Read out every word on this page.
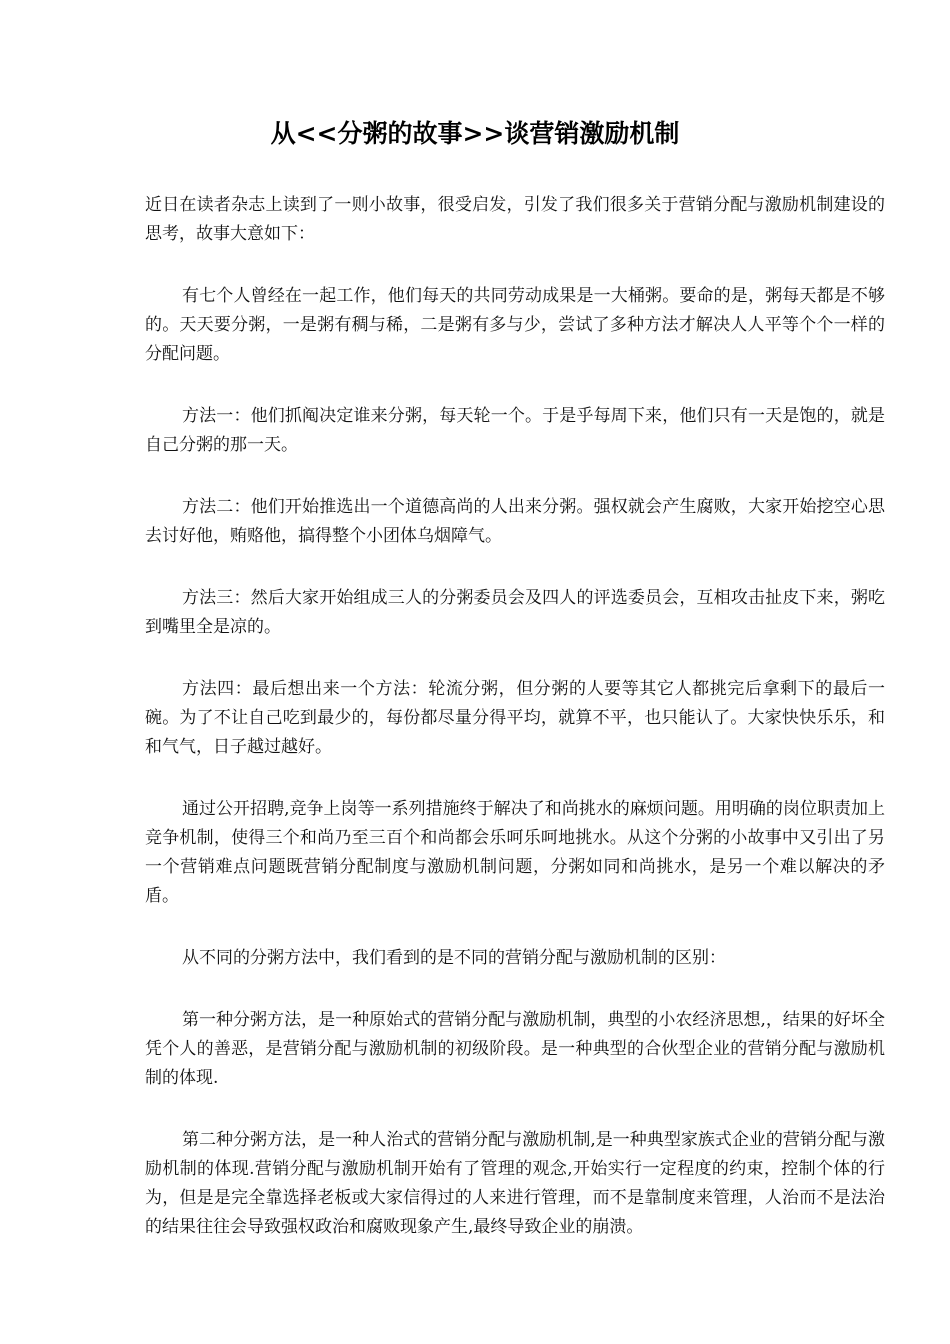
从<<分粥的故事>>谈营销激励机制

近日在读者杂志上读到了一则小故事，很受启发，引发了我们很多关于营销分配与激励机制建设的思考，故事大意如下：

有七个人曾经在一起工作，他们每天的共同劳动成果是一大桶粥。要命的是，粥每天都是不够的。天天要分粥，一是粥有稠与稀，二是粥有多与少，尝试了多种方法才解决人人平等个个一样的分配问题。

方法一：他们抓阄决定谁来分粥，每天轮一个。于是乎每周下来，他们只有一天是饱的，就是自己分粥的那一天。

方法二：他们开始推选出一个道德高尚的人出来分粥。强权就会产生腐败，大家开始挖空心思去讨好他，贿赂他，搞得整个小团体乌烟障气。

方法三：然后大家开始组成三人的分粥委员会及四人的评选委员会，互相攻击扯皮下来，粥吃到嘴里全是凉的。

方法四：最后想出来一个方法：轮流分粥，但分粥的人要等其它人都挑完后拿剩下的最后一碗。为了不让自己吃到最少的，每份都尽量分得平均，就算不平，也只能认了。大家快快乐乐，和和气气，日子越过越好。

通过公开招聘,竞争上岗等一系列措施终于解决了和尚挑水的麻烦问题。用明确的岗位职责加上竞争机制，使得三个和尚乃至三百个和尚都会乐呵乐呵地挑水。从这个分粥的小故事中又引出了另一个营销难点问题既营销分配制度与激励机制问题，分粥如同和尚挑水，是另一个难以解决的矛盾。

从不同的分粥方法中，我们看到的是不同的营销分配与激励机制的区别：

第一种分粥方法，是一种原始式的营销分配与激励机制，典型的小农经济思想,，结果的好坏全凭个人的善恶，是营销分配与激励机制的初级阶段。是一种典型的合伙型企业的营销分配与激励机制的体现.

第二种分粥方法，是一种人治式的营销分配与激励机制,是一种典型家族式企业的营销分配与激励机制的体现.营销分配与激励机制开始有了管理的观念,开始实行一定程度的约束，控制个体的行为，但是是完全靠选择老板或大家信得过的人来进行管理，而不是靠制度来管理，人治而不是法治的结果往往会导致强权政治和腐败现象产生,最终导致企业的崩溃。
